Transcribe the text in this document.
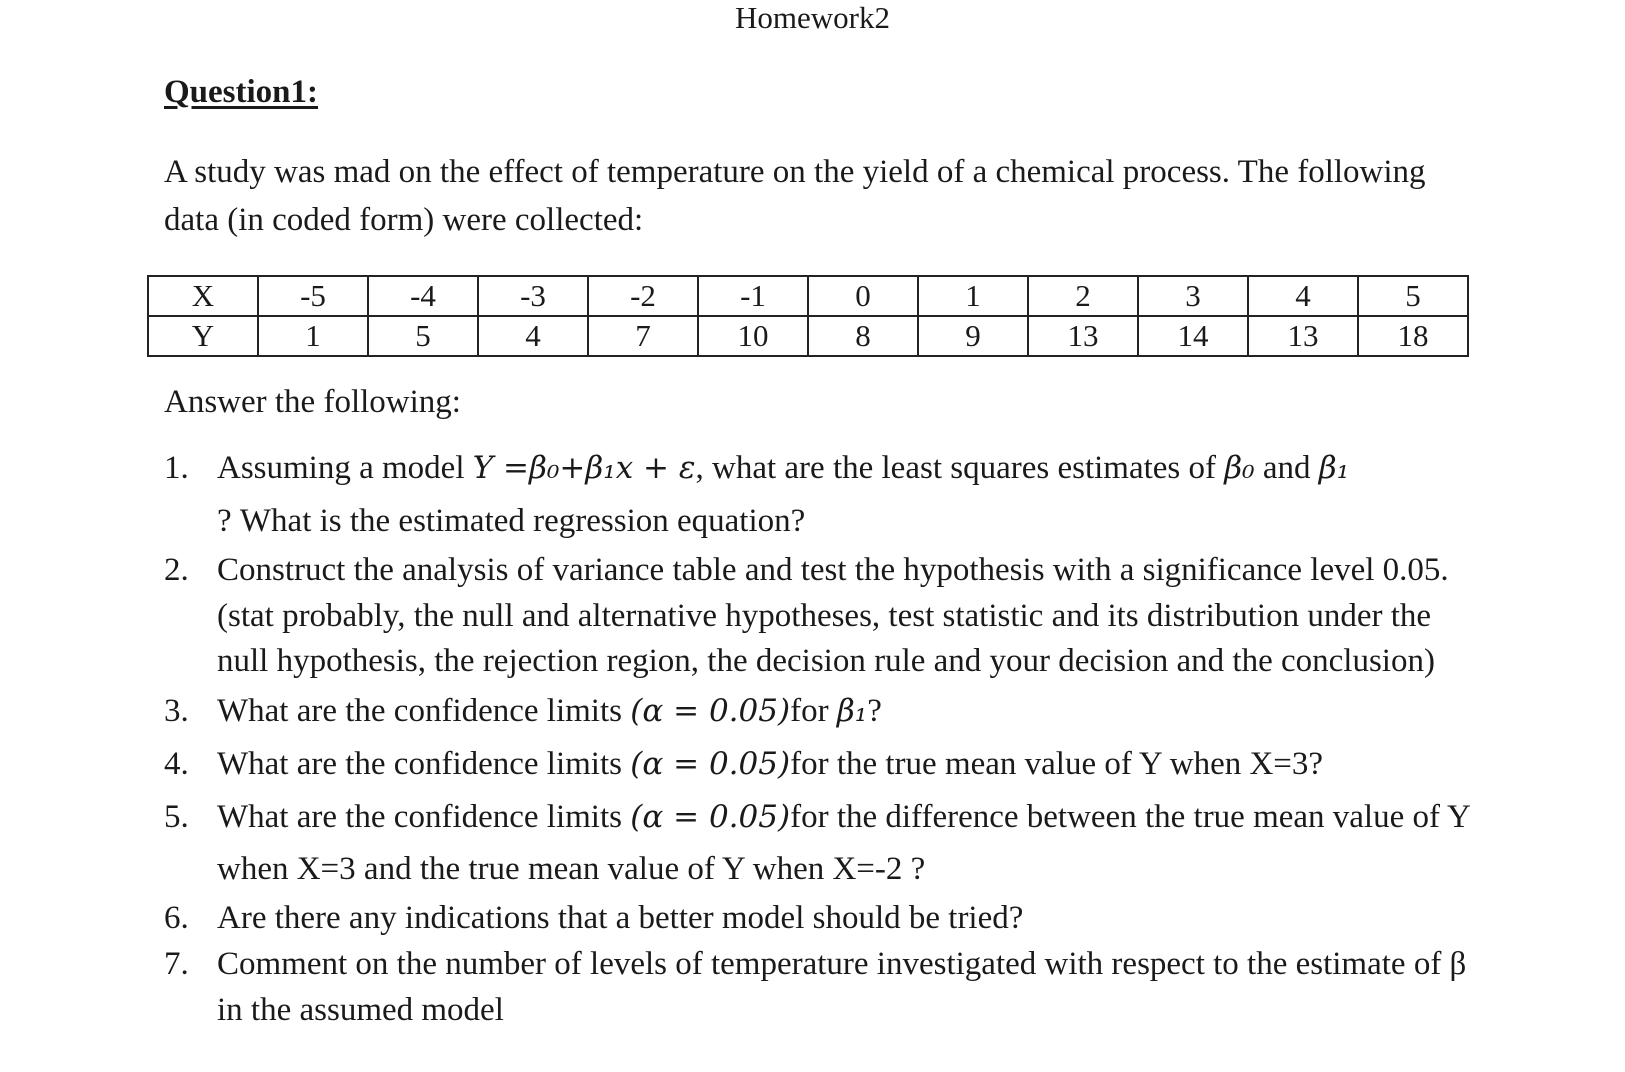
Homework2
Question1:

A study was mad on the effect of temperature on the yield of a chemical process. The following data (in coded form) were collected:

X	-5	-4	-3	-2	-1	0	1	2	3	4	5
Y	1	5	4	7	10	8	9	13	14	13	18
Answer the following:
1. Assuming a model Y =β₀+β₁x + ε, what are the least squares estimates of β₀ and β₁
? What is the estimated regression equation?
2. Construct the analysis of variance table and test the hypothesis with a significance level 0.05. (stat probably, the null and alternative hypotheses, test statistic and its distribution under the null hypothesis, the rejection region, the decision rule and your decision and the conclusion)
3. What are the confidence limits (α = 0.05)for β₁?
4. What are the confidence limits (α = 0.05)for the true mean value of Y when X=3?
5. What are the confidence limits (α = 0.05)for the difference between the true mean value of Y when X=3 and the true mean value of Y when X=-2 ?
6. Are there any indications that a better model should be tried?
7. Comment on the number of levels of temperature investigated with respect to the estimate of β in the assumed model
